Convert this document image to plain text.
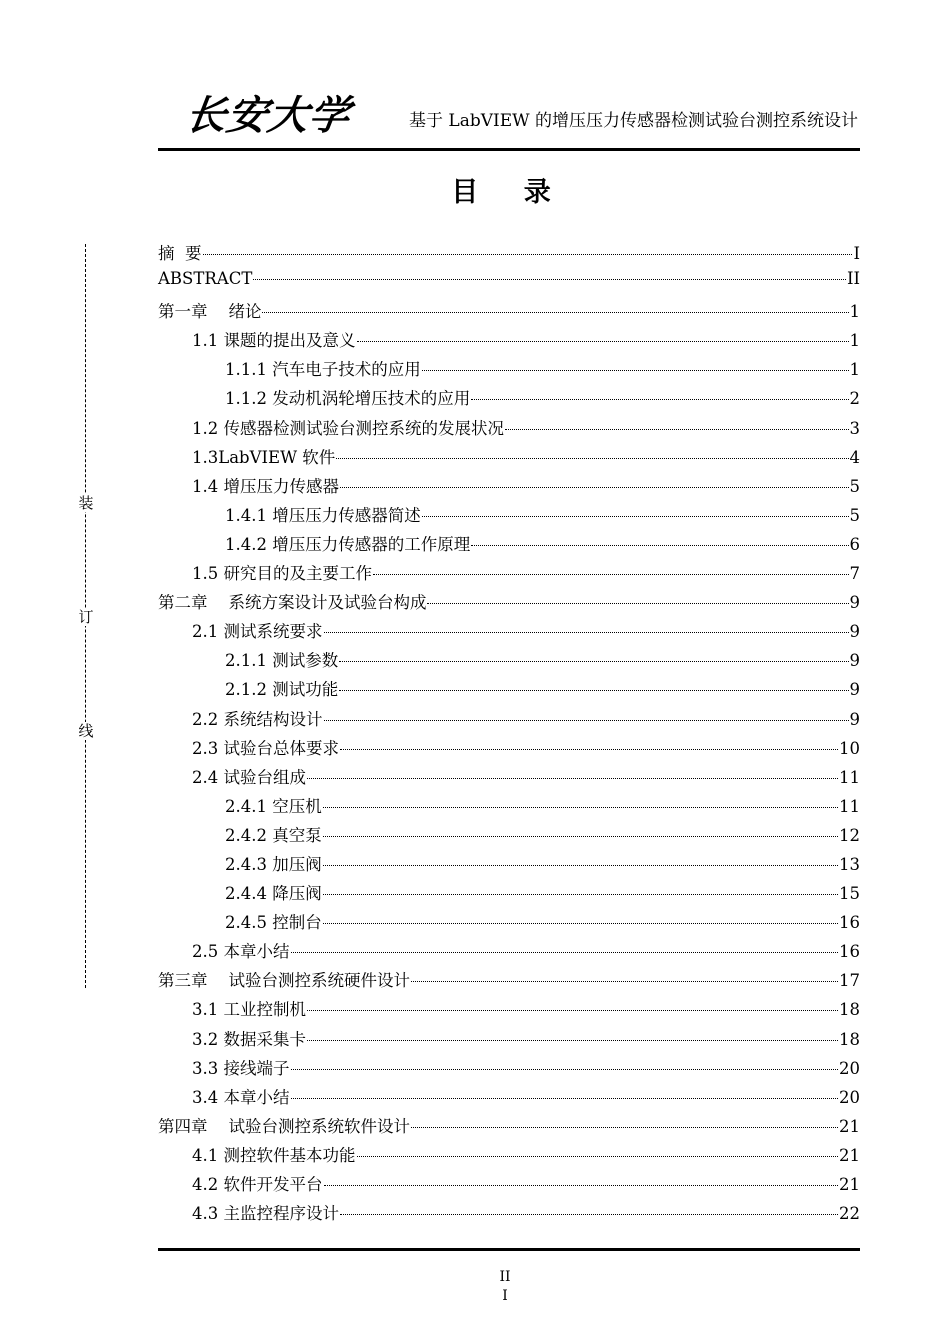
长安大学	基于 LabVIEW 的增压压力传感器检测试验台测控系统设计
目 录
装
订
线
摘  要	I
ABSTRACT	II
第一章    绪论	1
1.1 课题的提出及意义	1
1.1.1 汽车电子技术的应用	1
1.1.2 发动机涡轮增压技术的应用	2
1.2 传感器检测试验台测控系统的发展状况	3
1.3LabVIEW 软件	4
1.4 增压压力传感器	5
1.4.1 增压压力传感器简述	5
1.4.2 增压压力传感器的工作原理	6
1.5 研究目的及主要工作	7
第二章    系统方案设计及试验台构成	9
2.1 测试系统要求	9
2.1.1 测试参数	9
2.1.2 测试功能	9
2.2 系统结构设计	9
2.3 试验台总体要求	10
2.4 试验台组成	11
2.4.1 空压机	11
2.4.2 真空泵	12
2.4.3 加压阀	13
2.4.4 降压阀	15
2.4.5 控制台	16
2.5 本章小结	16
第三章    试验台测控系统硬件设计	17
3.1 工业控制机	18
3.2 数据采集卡	18
3.3 接线端子	20
3.4 本章小结	20
第四章    试验台测控系统软件设计	21
4.1 测控软件基本功能	21
4.2 软件开发平台	21
4.3 主监控程序设计	22
II
I
